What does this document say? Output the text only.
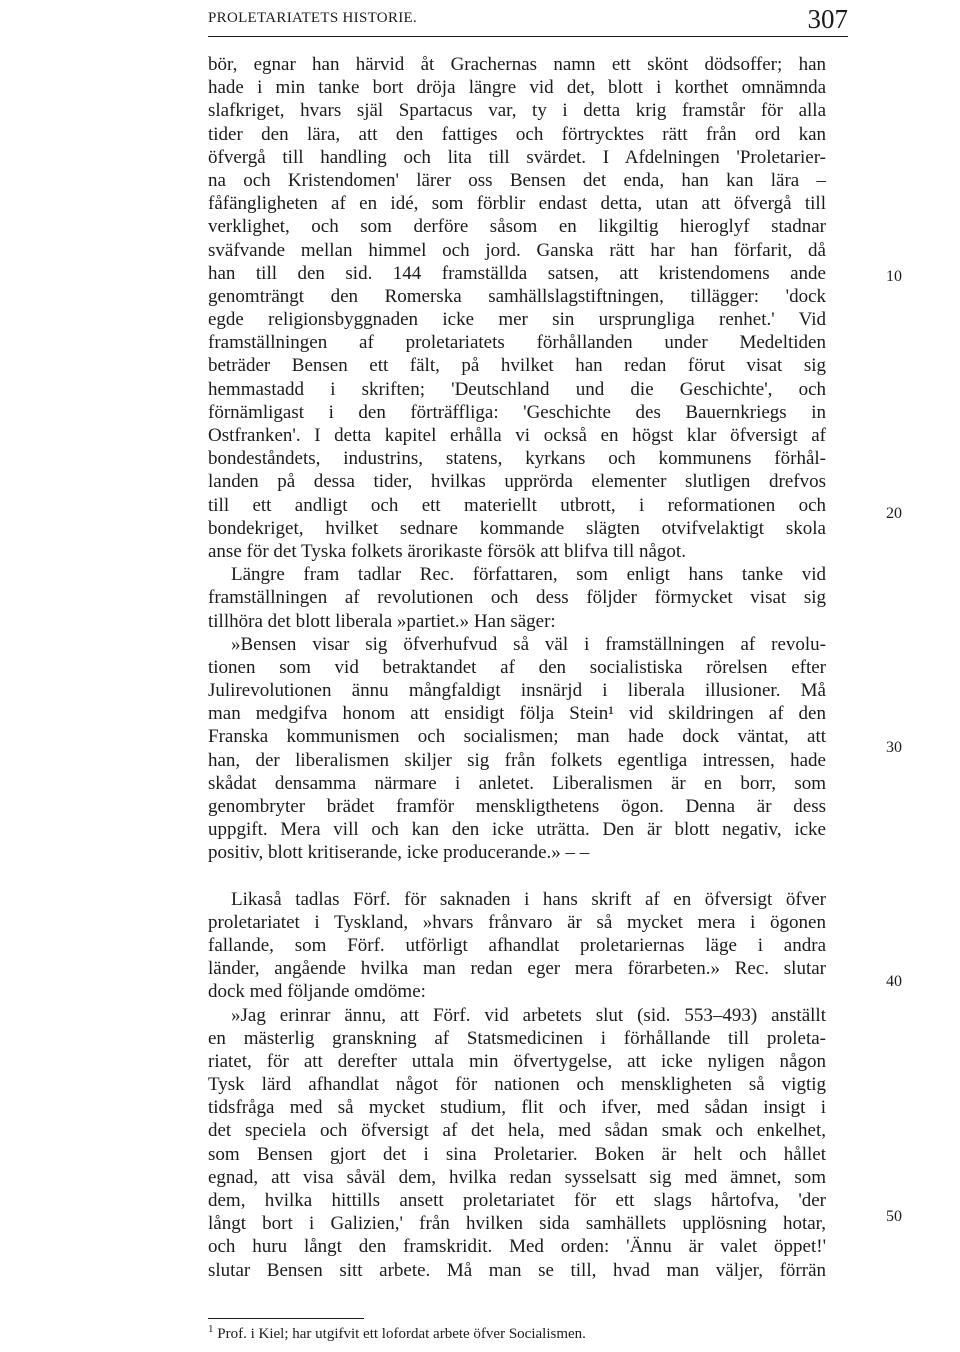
PROLETARIATETS HISTORIE.	307
bör, egnar han härvid åt Grachernas namn ett skönt dödsoffer; han
hade i min tanke bort dröja längre vid det, blott i korthet omnämnda
slafkriget, hvars själ Spartacus var, ty i detta krig framstår för alla
tider den lära, att den fattiges och förtrycktes rätt från ord kan
öfvergå till handling och lita till svärdet. I Afdelningen 'Proletarier-
na och Kristendomen' lärer oss Bensen det enda, han kan lära –
fåfängligheten af en idé, som förblir endast detta, utan att öfvergå till
verklighet, och som derföre såsom en likgiltig hieroglyf stadnar
sväfvande mellan himmel och jord. Ganska rätt har han förfarit, då
han till den sid. 144 framställda satsen, att kristendomens ande
genomträngt den Romerska samhällslagstiftningen, tillägger: 'dock
egde religionsbyggnaden icke mer sin ursprungliga renhet.' Vid
framställningen af proletariatets förhållanden under Medeltiden
beträder Bensen ett fält, på hvilket han redan förut visat sig
hemmastadd i skriften; 'Deutschland und die Geschichte', och
förnämligast i den förträffliga: 'Geschichte des Bauernkriegs in
Ostfranken'. I detta kapitel erhålla vi också en högst klar öfversigt af
bondeståndets, industrins, statens, kyrkans och kommunens förhål-
landen på dessa tider, hvilkas upprörda elementer slutligen drefvos
till ett andligt och ett materiellt utbrott, i reformationen och
bondekriget, hvilket sednare kommande slägten otvifvelaktigt skola
anse för det Tyska folkets ärorikaste försök att blifva till något.
Längre fram tadlar Rec. författaren, som enligt hans tanke vid
framställningen af revolutionen och dess följder förmycket visat sig
tillhöra det blott liberala »partiet.» Han säger:
»Bensen visar sig öfverhufvud så väl i framställningen af revolu-
tionen som vid betraktandet af den socialistiska rörelsen efter
Julirevolutionen ännu mångfaldigt insnärjd i liberala illusioner. Må
man medgifva honom att ensidigt följa Stein¹ vid skildringen af den
Franska kommunismen och socialismen; man hade dock väntat, att
han, der liberalismen skiljer sig från folkets egentliga intressen, hade
skådat densamma närmare i anletet. Liberalismen är en borr, som
genombryter brädet framför menskligthetens ögon. Denna är dess
uppgift. Mera vill och kan den icke uträtta. Den är blott negativ, icke
positiv, blott kritiserande, icke producerande.» – –
Likaså tadlas Förf. för saknaden i hans skrift af en öfversigt öfver
proletariatet i Tyskland, »hvars frånvaro är så mycket mera i ögonen
fallande, som Förf. utförligt afhandlat proletariernas läge i andra
länder, angående hvilka man redan eger mera förarbeten.» Rec. slutar
dock med följande omdöme:
»Jag erinrar ännu, att Förf. vid arbetets slut (sid. 553–493) anställt
en mästerlig granskning af Statsmedicinen i förhållande till proleta-
riatet, för att derefter uttala min öfvertygelse, att icke nyligen någon
Tysk lärd afhandlat något för nationen och menskligheten så vigtig
tidsfråga med så mycket studium, flit och ifver, med sådan insigt i
det speciela och öfversigt af det hela, med sådan smak och enkelhet,
som Bensen gjort det i sina Proletarier. Boken är helt och hållet
egnad, att visa såväl dem, hvilka redan sysselsatt sig med ämnet, som
dem, hvilka hittills ansett proletariatet för ett slags hårtofva, 'der
långt bort i Galizien,' från hvilken sida samhällets upplösning hotar,
och huru långt den framskridit. Med orden: 'Ännu är valet öppet!'
slutar Bensen sitt arbete. Må man se till, hvad man väljer, förrän
10
20
30
40
50
$^1$ Prof. i Kiel; har utgifvit ett lofordat arbete öfver Socialismen.
